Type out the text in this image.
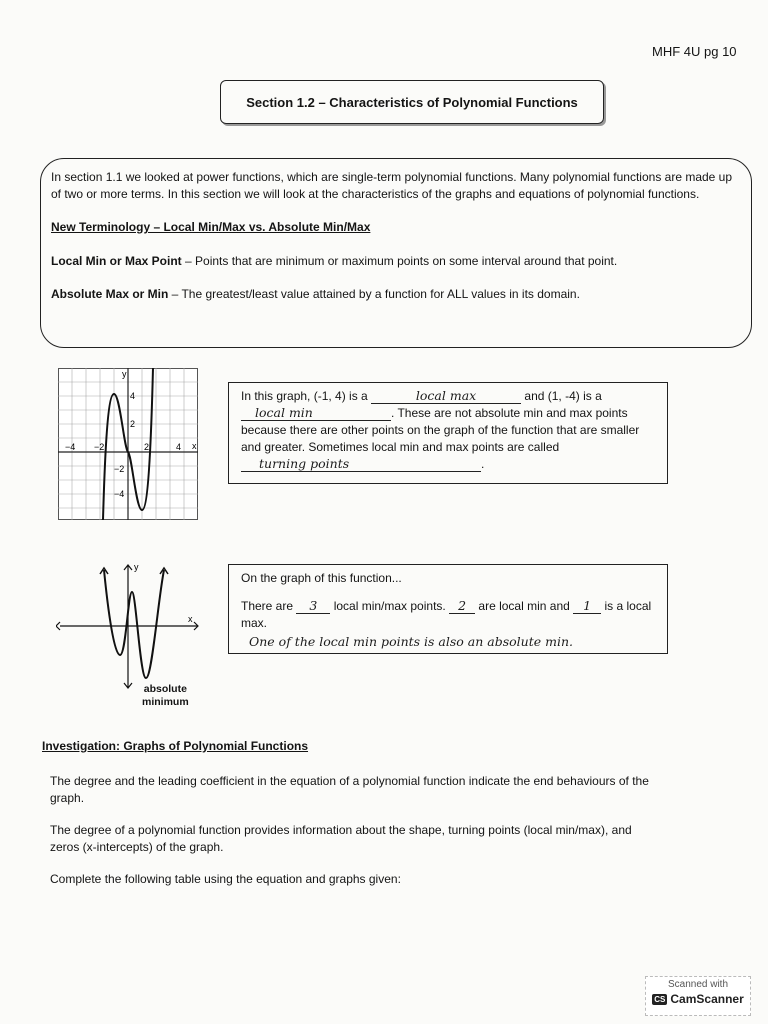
MHF 4U pg 10
Section 1.2 – Characteristics of Polynomial Functions

In section 1.1 we looked at power functions, which are single-term polynomial functions. Many polynomial functions are made up of two or more terms. In this section we will look at the characteristics of the graphs and equations of polynomial functions.

New Terminology – Local Min/Max vs. Absolute Min/Max

Local Min or Max Point – Points that are minimum or maximum points on some interval around that point.

Absolute Max or Min – The greatest/least value attained by a function for ALL values in its domain.

y
x
−4 −2	2	4
4
2
−2
−4
In this graph, (-1, 4) is a	local max	and (1, -4) is a local min	. These are not absolute min and max points because there are other points on the graph of the function that are smaller and greater. Sometimes local min and max points are called turning points	.
y
x
absolute
minimum
On the graph of this function...
There are 3 local min/max points. 2 are local min and 1 is a local max.
One of the local min points is also an absolute min.
Investigation: Graphs of Polynomial Functions
The degree and the leading coefficient in the equation of a polynomial function indicate the end behaviours of the graph.
The degree of a polynomial function provides information about the shape, turning points (local min/max), and zeros (x-intercepts) of the graph.
Complete the following table using the equation and graphs given:
Scanned with
CS CamScanner
